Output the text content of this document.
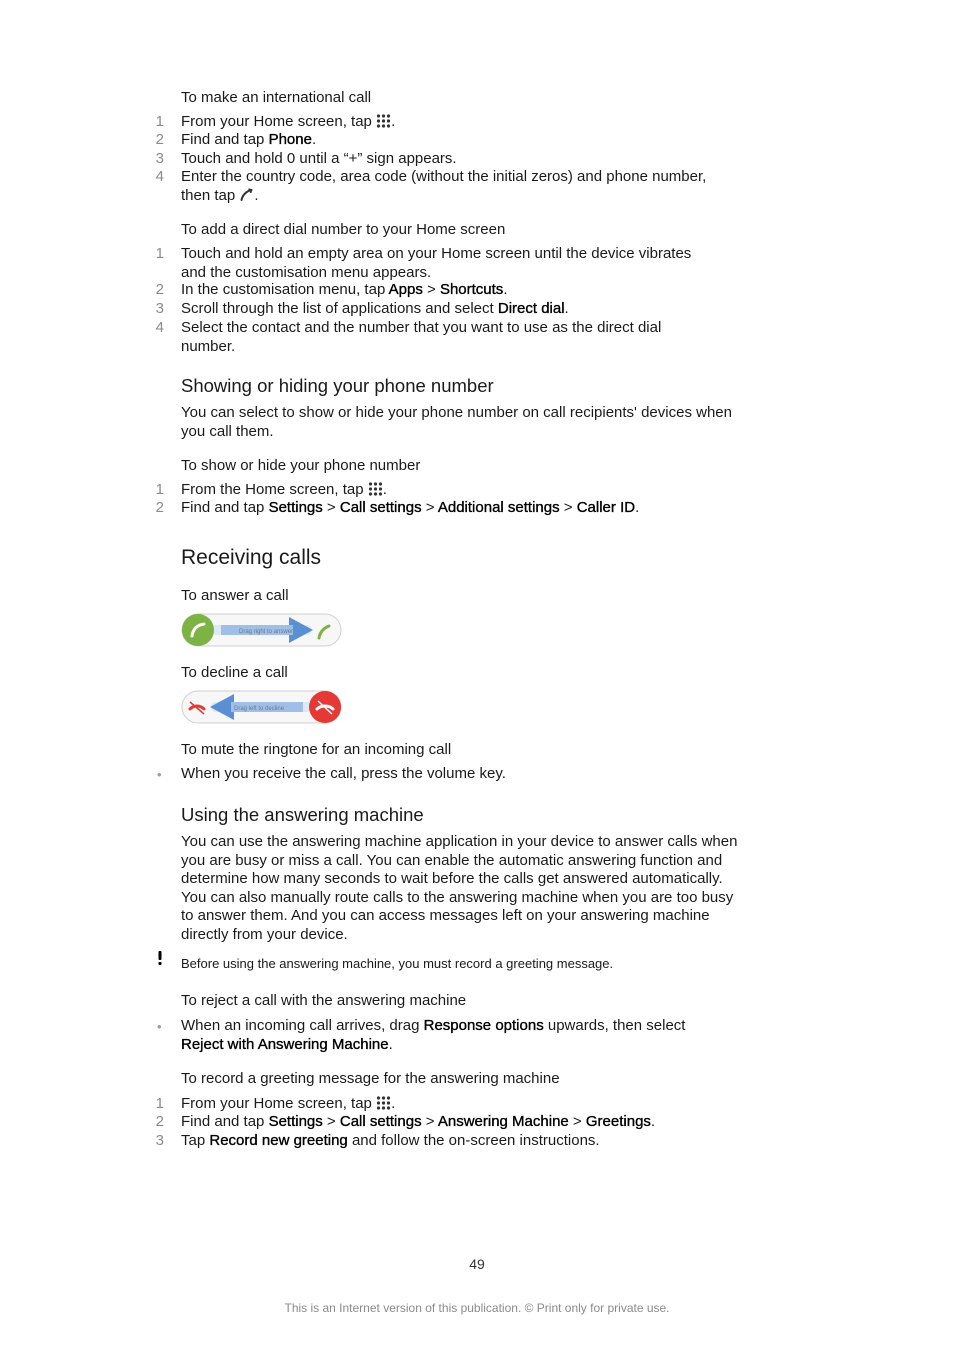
To make an international call
1 From your Home screen, tap .
2 Find and tap Phone.
3 Touch and hold 0 until a “+” sign appears.
4 Enter the country code, area code (without the initial zeros) and phone number,
then tap .
To add a direct dial number to your Home screen
1 Touch and hold an empty area on your Home screen until the device vibrates
and the customisation menu appears.
2 In the customisation menu, tap Apps > Shortcuts.
3 Scroll through the list of applications and select Direct dial.
4 Select the contact and the number that you want to use as the direct dial
number.
Showing or hiding your phone number
You can select to show or hide your phone number on call recipients' devices when
you call them.
To show or hide your phone number
1 From the Home screen, tap .
2 Find and tap Settings > Call settings > Additional settings > Caller ID.
Receiving calls
To answer a call
Drag right to answer
To decline a call
Drag left to decline
To mute the ringtone for an incoming call
• When you receive the call, press the volume key.
Using the answering machine
You can use the answering machine application in your device to answer calls when
you are busy or miss a call. You can enable the automatic answering function and
determine how many seconds to wait before the calls get answered automatically.
You can also manually route calls to the answering machine when you are too busy
to answer them. And you can access messages left on your answering machine
directly from your device.
Before using the answering machine, you must record a greeting message.
To reject a call with the answering machine
• When an incoming call arrives, drag Response options upwards, then select
Reject with Answering Machine.
To record a greeting message for the answering machine
1 From your Home screen, tap .
2 Find and tap Settings > Call settings > Answering Machine > Greetings.
3 Tap Record new greeting and follow the on-screen instructions.
49
This is an Internet version of this publication. © Print only for private use.
